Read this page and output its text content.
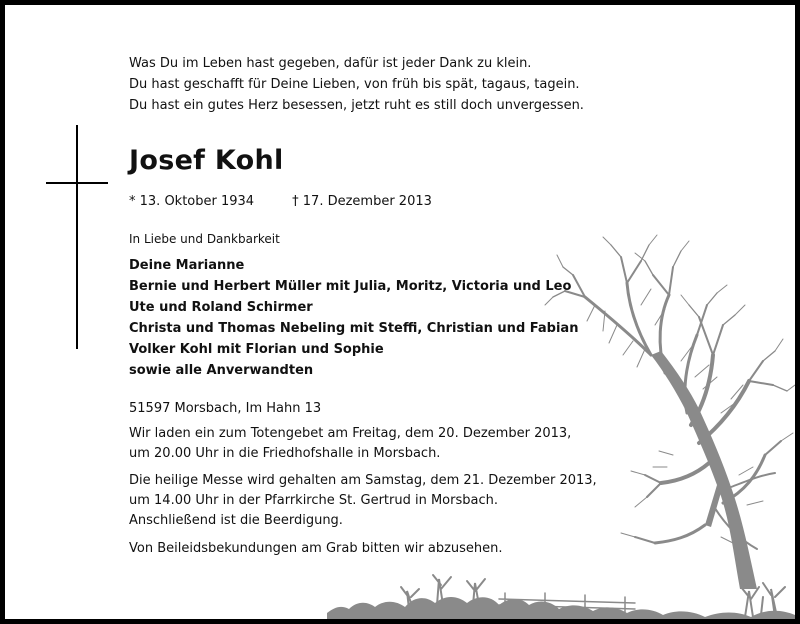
Was Du im Leben hast gegeben, dafür ist jeder Dank zu klein.
Du hast geschafft für Deine Lieben, von früh bis spät, tagaus, tagein.
Du hast ein gutes Herz besessen, jetzt ruht es still doch unvergessen.
Josef Kohl
* 13. Oktober 1934	† 17. Dezember 2013
In Liebe und Dankbarkeit
Deine Marianne
Bernie und Herbert Müller mit Julia, Moritz, Victoria und Leo
Ute und Roland Schirmer
Christa und Thomas Nebeling mit Steffi, Christian und Fabian
Volker Kohl mit Florian und Sophie
sowie alle Anverwandten
51597 Morsbach, Im Hahn 13
Wir laden ein zum Totengebet am Freitag, dem 20. Dezember 2013,
um 20.00 Uhr in die Friedhofshalle in Morsbach.
Die heilige Messe wird gehalten am Samstag, dem 21. Dezember 2013,
um 14.00 Uhr in der Pfarrkirche St. Gertrud in Morsbach.
Anschließend ist die Beerdigung.
Von Beileidsbekundungen am Grab bitten wir abzusehen.
